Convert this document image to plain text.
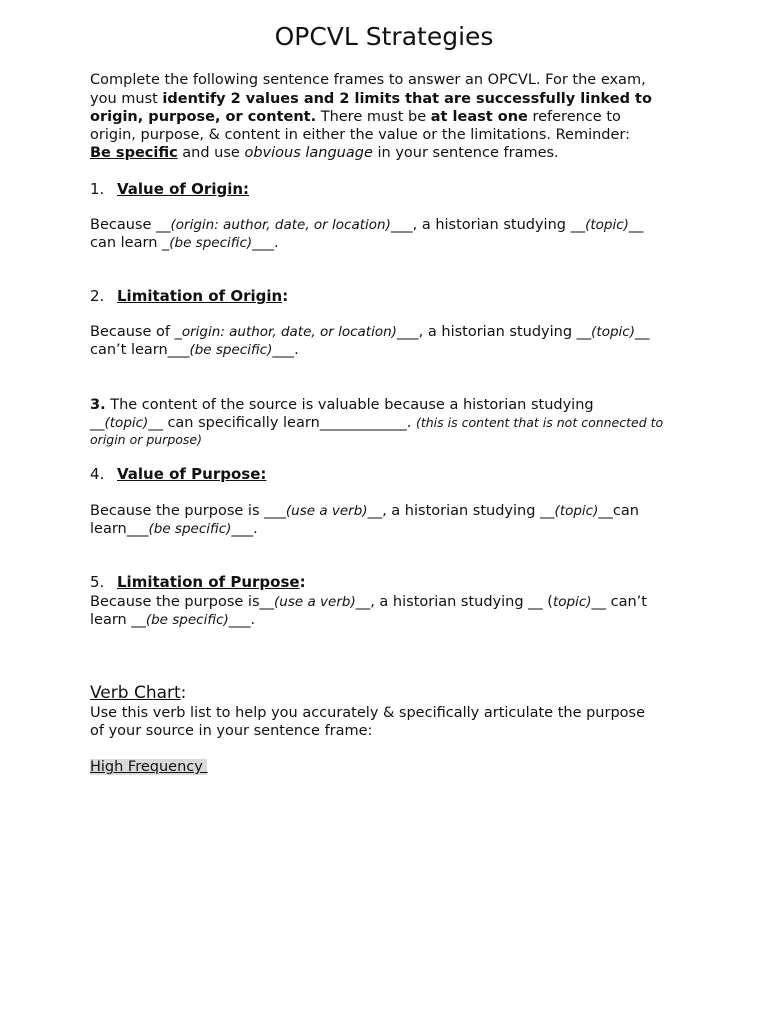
OPCVL Strategies
Complete the following sentence frames to answer an OPCVL. For the exam,
you must identify 2 values and 2 limits that are successfully linked to
origin, purpose, or content. There must be at least one reference to
origin, purpose, & content in either the value or the limitations. Reminder:
Be specific and use obvious language in your sentence frames.
1. Value of Origin:
Because __(origin: author, date, or location)___, a historian studying __(topic)__
can learn _(be specific)___.
2. Limitation of Origin:
Because of _origin: author, date, or location)___, a historian studying __(topic)__
can’t learn___(be specific)___.
3. The content of the source is valuable because a historian studying
__(topic)__ can specifically learn____________. (this is content that is not connected to
origin or purpose)
4. Value of Purpose:
Because the purpose is ___(use a verb)__, a historian studying __(topic)__can
learn___(be specific)___.
5. Limitation of Purpose:
Because the purpose is__(use a verb)__, a historian studying __ (topic)__ can’t
learn __(be specific)___.
Verb Chart:
Use this verb list to help you accurately & specifically articulate the purpose
of your source in your sentence frame:
High Frequency
